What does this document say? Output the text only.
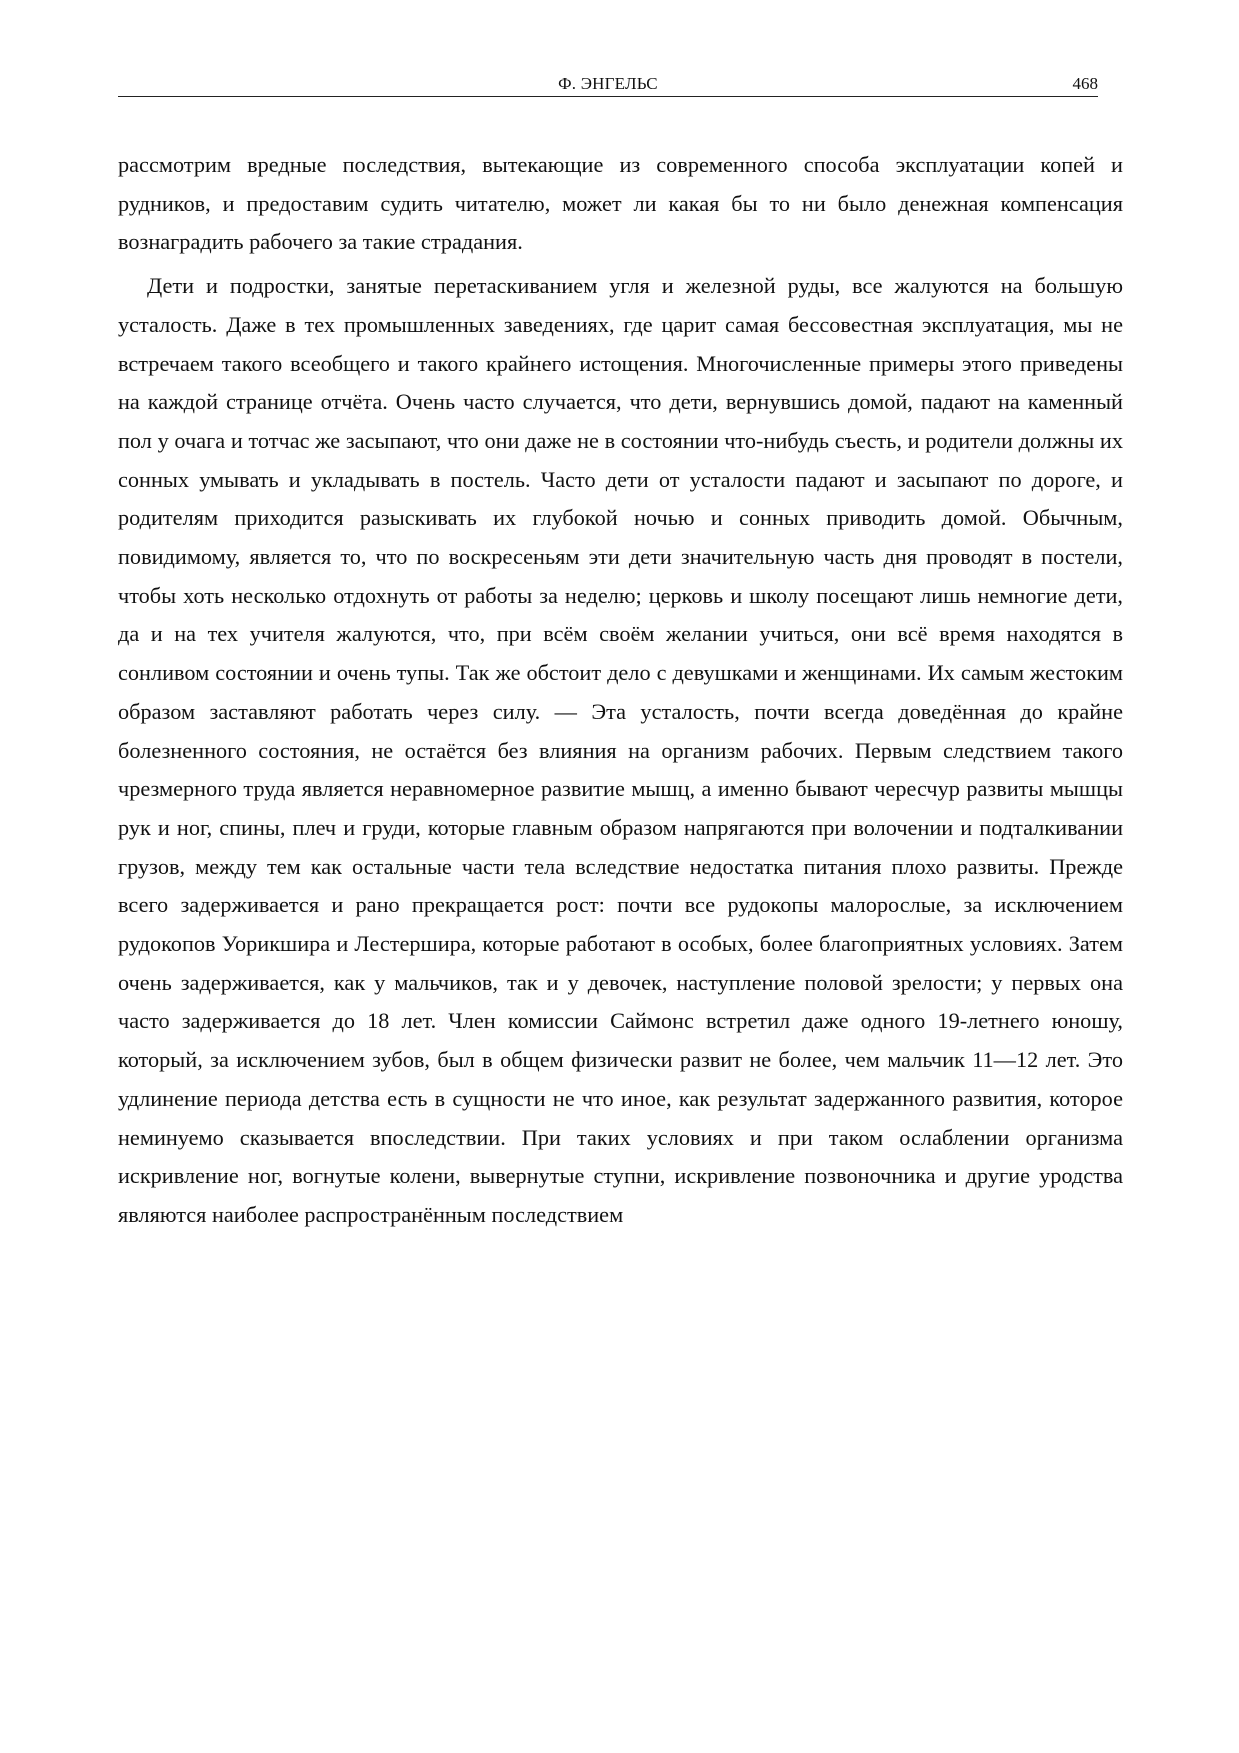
Ф. ЭНГЕЛЬС	468

рассмотрим вредные последствия, вытекающие из современного способа эксплуатации копей и рудников, и предоставим судить читателю, может ли какая бы то ни было денежная компенсация вознаградить рабочего за такие страдания.

Дети и подростки, занятые перетаскиванием угля и железной руды, все жалуются на большую усталость. Даже в тех промышленных заведениях, где царит самая бессовестная эксплуатация, мы не встречаем такого всеобщего и такого крайнего истощения. Многочисленные примеры этого приведены на каждой странице отчёта. Очень часто случается, что дети, вернувшись домой, падают на каменный пол у очага и тотчас же засыпают, что они даже не в состоянии что-нибудь съесть, и родители должны их сонных умывать и укладывать в постель. Часто дети от усталости падают и засыпают по дороге, и родителям приходится разыскивать их глубокой ночью и сонных приводить домой. Обычным, повидимому, является то, что по воскресеньям эти дети значительную часть дня проводят в постели, чтобы хоть несколько отдохнуть от работы за неделю; церковь и школу посещают лишь немногие дети, да и на тех учителя жалуются, что, при всём своём желании учиться, они всё время находятся в сонливом состоянии и очень тупы. Так же обстоит дело с девушками и женщинами. Их самым жестоким образом заставляют работать через силу. — Эта усталость, почти всегда доведённая до крайне болезненного состояния, не остаётся без влияния на организм рабочих. Первым следствием такого чрезмерного труда является неравномерное развитие мышц, а именно бывают чересчур развиты мышцы рук и ног, спины, плеч и груди, которые главным образом напрягаются при волочении и подталкивании грузов, между тем как остальные части тела вследствие недостатка питания плохо развиты. Прежде всего задерживается и рано прекращается рост: почти все рудокопы малорослые, за исключением рудокопов Уорикшира и Лестершира, которые работают в особых, более благоприятных условиях. Затем очень задерживается, как у мальчиков, так и у девочек, наступление половой зрелости; у первых она часто задерживается до 18 лет. Член комиссии Саймонс встретил даже одного 19-летнего юношу, который, за исключением зубов, был в общем физически развит не более, чем мальчик 11—12 лет. Это удлинение периода детства есть в сущности не что иное, как результат задержанного развития, которое неминуемо сказывается впоследствии. При таких условиях и при таком ослаблении организма искривление ног, вогнутые колени, вывернутые ступни, искривление позвоночника и другие уродства являются наиболее распространённым последствием
